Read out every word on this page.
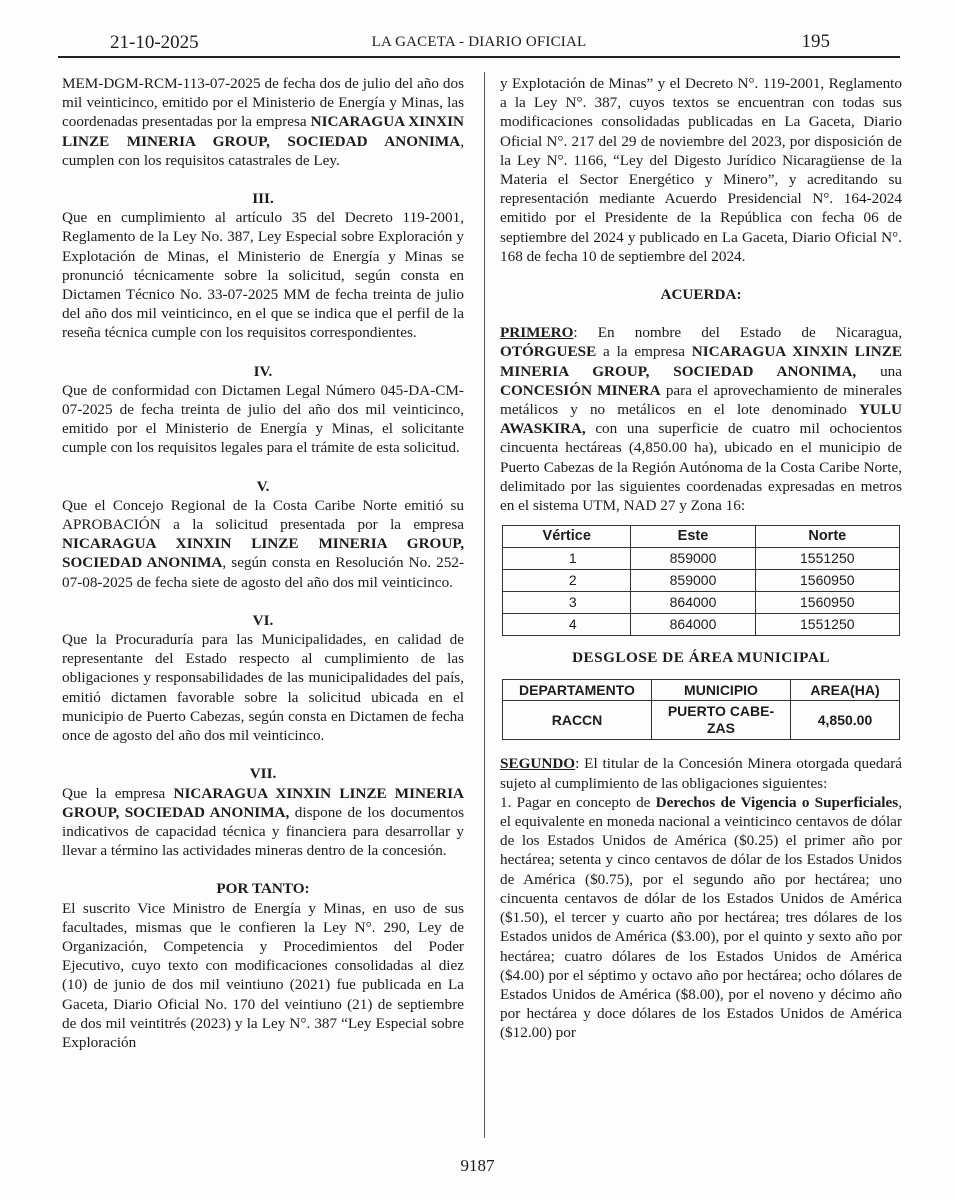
21-10-2025	LA GACETA - DIARIO OFICIAL	195

MEM-DGM-RCM-113-07-2025 de fecha dos de julio del año dos mil veinticinco, emitido por el Ministerio de Energía y Minas, las coordenadas presentadas por la empresa NICARAGUA XINXIN LINZE MINERIA GROUP, SOCIEDAD ANONIMA, cumplen con los requisitos catastrales de Ley.

III.

Que en cumplimiento al artículo 35 del Decreto 119-2001, Reglamento de la Ley No. 387, Ley Especial sobre Exploración y Explotación de Minas, el Ministerio de Energía y Minas se pronunció técnicamente sobre la solicitud, según consta en Dictamen Técnico No. 33-07-2025 MM de fecha treinta de julio del año dos mil veinticinco, en el que se indica que el perfil de la reseña técnica cumple con los requisitos correspondientes.

IV.

Que de conformidad con Dictamen Legal Número 045-DA-CM-07-2025 de fecha treinta de julio del año dos mil veinticinco, emitido por el Ministerio de Energía y Minas, el solicitante cumple con los requisitos legales para el trámite de esta solicitud.

V.

Que el Concejo Regional de la Costa Caribe Norte emitió su APROBACIÓN a la solicitud presentada por la empresa NICARAGUA XINXIN LINZE MINERIA GROUP, SOCIEDAD ANONIMA, según consta en Resolución No. 252-07-08-2025 de fecha siete de agosto del año dos mil veinticinco.

VI.

Que la Procuraduría para las Municipalidades, en calidad de representante del Estado respecto al cumplimiento de las obligaciones y responsabilidades de las municipalidades del país, emitió dictamen favorable sobre la solicitud ubicada en el municipio de Puerto Cabezas, según consta en Dictamen de fecha once de agosto del año dos mil veinticinco.

VII.

Que la empresa NICARAGUA XINXIN LINZE MINERIA GROUP, SOCIEDAD ANONIMA, dispone de los documentos indicativos de capacidad técnica y financiera para desarrollar y llevar a término las actividades mineras dentro de la concesión.

POR TANTO:

El suscrito Vice Ministro de Energía y Minas, en uso de sus facultades, mismas que le confieren la Ley N°. 290, Ley de Organización, Competencia y Procedimientos del Poder Ejecutivo, cuyo texto con modificaciones consolidadas al diez (10) de junio de dos mil veintiuno (2021) fue publicada en La Gaceta, Diario Oficial No. 170 del veintiuno (21) de septiembre de dos mil veintitrés (2023) y la Ley N°. 387 “Ley Especial sobre Exploración

y Explotación de Minas” y el Decreto N°. 119-2001, Reglamento a la Ley N°. 387, cuyos textos se encuentran con todas sus modificaciones consolidadas publicadas en La Gaceta, Diario Oficial N°. 217 del 29 de noviembre del 2023, por disposición de la Ley N°. 1166, “Ley del Digesto Jurídico Nicaragüense de la Materia el Sector Energético y Minero”, y acreditando su representación mediante Acuerdo Presidencial N°. 164-2024 emitido por el Presidente de la República con fecha 06 de septiembre del 2024 y publicado en La Gaceta, Diario Oficial N°. 168 de fecha 10 de septiembre del 2024.

ACUERDA:

PRIMERO: En nombre del Estado de Nicaragua, OTÓRGUESE a la empresa NICARAGUA XINXIN LINZE MINERIA GROUP, SOCIEDAD ANONIMA, una CONCESIÓN MINERA para el aprovechamiento de minerales metálicos y no metálicos en el lote denominado YULU AWASKIRA, con una superficie de cuatro mil ochocientos cincuenta hectáreas (4,850.00 ha), ubicado en el municipio de Puerto Cabezas de la Región Autónoma de la Costa Caribe Norte, delimitado por las siguientes coordenadas expresadas en metros en el sistema UTM, NAD 27 y Zona 16:

Vértice	Este	Norte
1	859000	1551250
2	859000	1560950
3	864000	1560950
4	864000	1551250

DESGLOSE DE ÁREA MUNICIPAL

DEPARTAMENTO	MUNICIPIO	AREA(HA)
RACCN	PUERTO CABE-ZAS	4,850.00

SEGUNDO: El titular de la Concesión Minera otorgada quedará sujeto al cumplimiento de las obligaciones siguientes:

1. Pagar en concepto de Derechos de Vigencia o Superficiales, el equivalente en moneda nacional a veinticinco centavos de dólar de los Estados Unidos de América ($0.25) el primer año por hectárea; setenta y cinco centavos de dólar de los Estados Unidos de América ($0.75), por el segundo año por hectárea; uno cincuenta centavos de dólar de los Estados Unidos de América ($1.50), el tercer y cuarto año por hectárea; tres dólares de los Estados unidos de América ($3.00), por el quinto y sexto año por hectárea; cuatro dólares de los Estados Unidos de América ($4.00) por el séptimo y octavo año por hectárea; ocho dólares de Estados Unidos de América ($8.00), por el noveno y décimo año por hectárea y doce dólares de los Estados Unidos de América ($12.00) por

9187
